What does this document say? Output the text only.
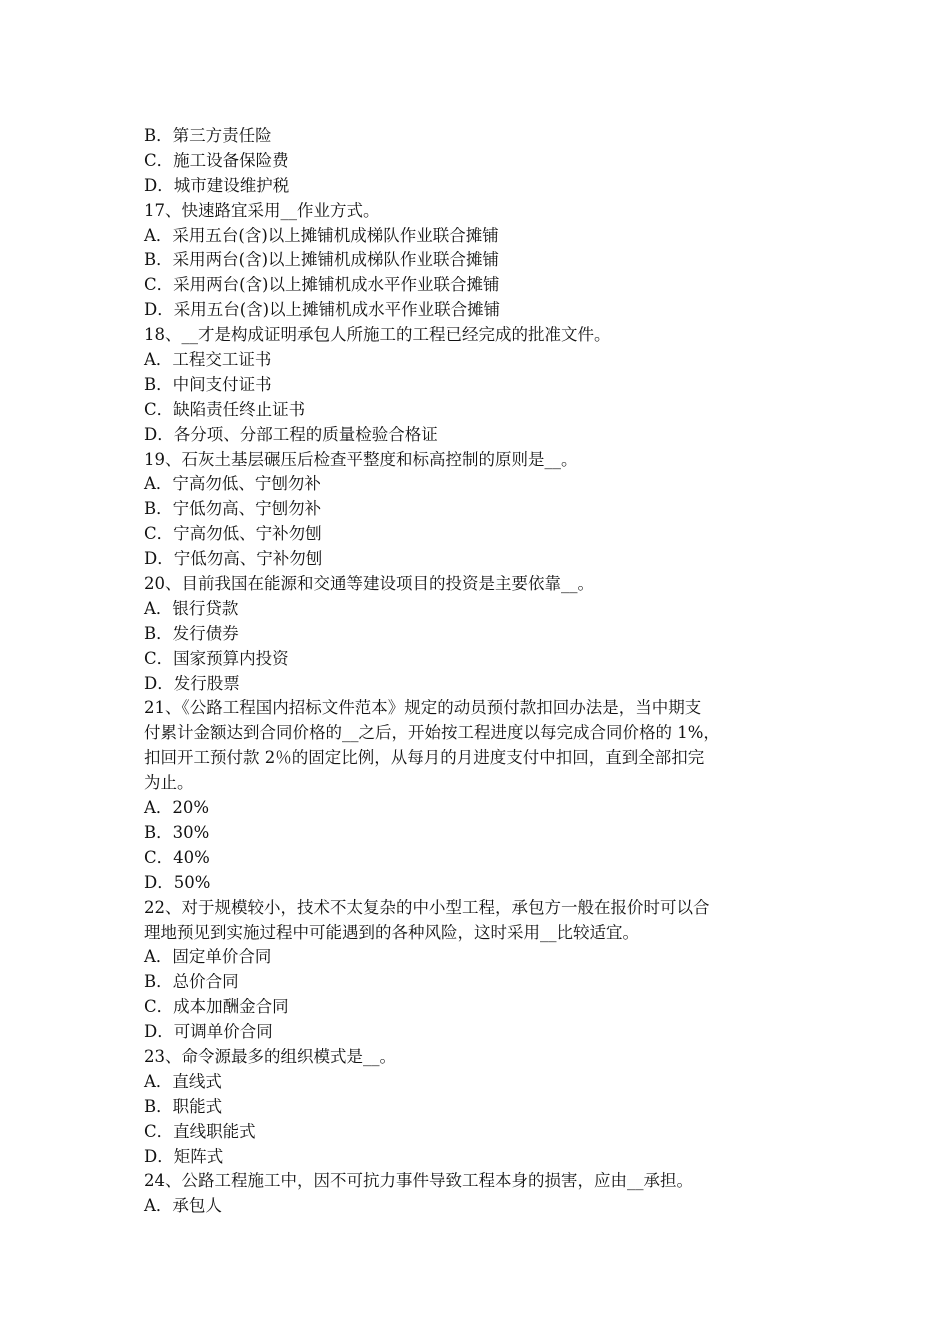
B．第三方责任险
C．施工设备保险费
D．城市建设维护税
17、快速路宜采用__作业方式。
A．采用五台(含)以上摊铺机成梯队作业联合摊铺
B．采用两台(含)以上摊铺机成梯队作业联合摊铺
C．采用两台(含)以上摊铺机成水平作业联合摊铺
D．采用五台(含)以上摊铺机成水平作业联合摊铺
18、__才是构成证明承包人所施工的工程已经完成的批准文件。
A．工程交工证书
B．中间支付证书
C．缺陷责任终止证书
D．各分项、分部工程的质量检验合格证
19、石灰土基层碾压后检查平整度和标高控制的原则是__。
A．宁高勿低、宁刨勿补
B．宁低勿高、宁刨勿补
C．宁高勿低、宁补勿刨
D．宁低勿高、宁补勿刨
20、目前我国在能源和交通等建设项目的投资是主要依靠__。
A．银行贷款
B．发行债券
C．国家预算内投资
D．发行股票
21、《公路工程国内招标文件范本》规定的动员预付款扣回办法是，当中期支
付累计金额达到合同价格的__之后，开始按工程进度以每完成合同价格的 1%，
扣回开工预付款 2％的固定比例，从每月的月进度支付中扣回，直到全部扣完
为止。
A．20%
B．30%
C．40%
D．50%
22、对于规模较小，技术不太复杂的中小型工程，承包方一般在报价时可以合
理地预见到实施过程中可能遇到的各种风险，这时采用__比较适宜。
A．固定单价合同
B．总价合同
C．成本加酬金合同
D．可调单价合同
23、命令源最多的组织模式是__。
A．直线式
B．职能式
C．直线职能式
D．矩阵式
24、公路工程施工中，因不可抗力事件导致工程本身的损害，应由__承担。
A．承包人
